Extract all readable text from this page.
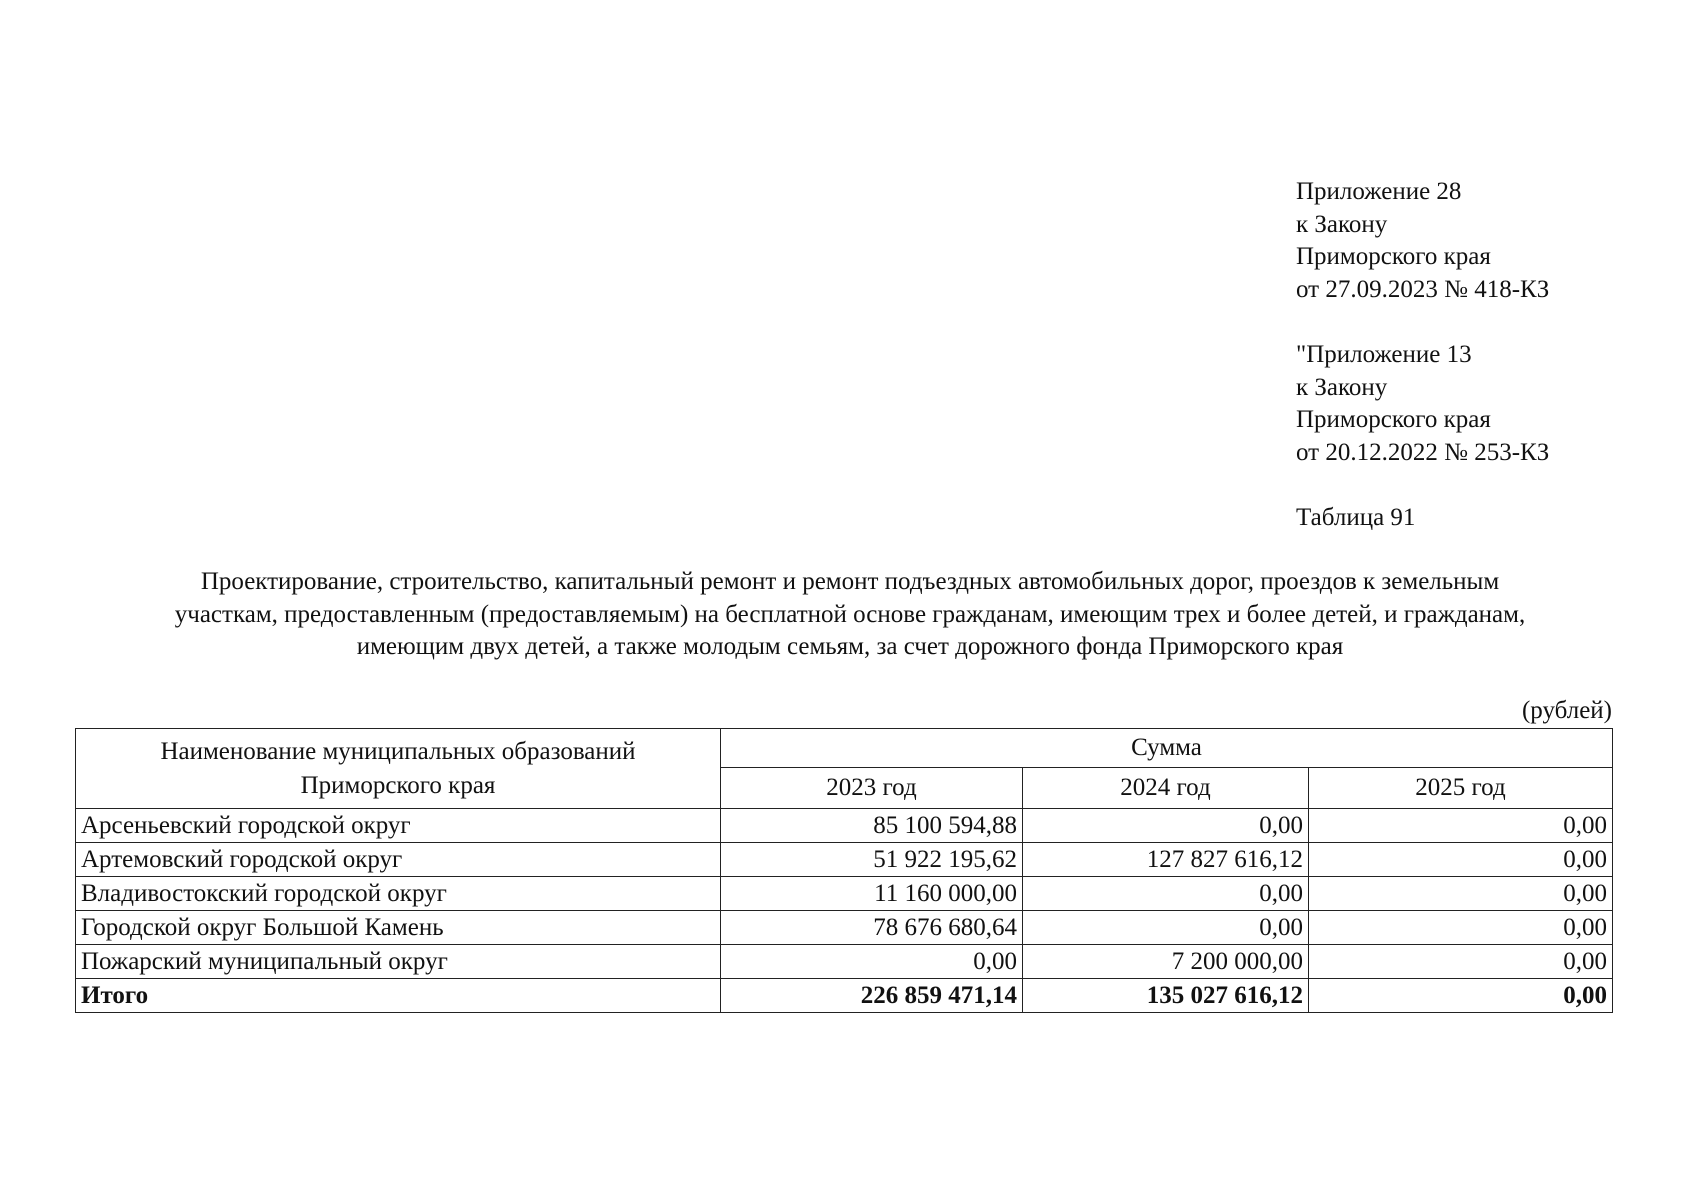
Приложение 28
к Закону
Приморского края
от 27.09.2023 № 418-КЗ
"Приложение 13
к Закону
Приморского края
от 20.12.2022 № 253-КЗ
Таблица 91
Проектирование, строительство, капитальный ремонт и ремонт подъездных автомобильных дорог, проездов к земельным
участкам, предоставленным (предоставляемым) на бесплатной основе гражданам, имеющим трех и более детей, и гражданам,
имеющим двух детей, а также молодым семьям, за счет дорожного фонда Приморского края
(рублей)
Наименование муниципальных образований
Приморского края	Сумма		
	2023 год	2024 год	2025 год
Арсеньевский городской округ	85 100 594,88	0,00	0,00
Артемовский городской округ	51 922 195,62	127 827 616,12	0,00
Владивостокский городской округ	11 160 000,00	0,00	0,00
Городской округ Большой Камень	78 676 680,64	0,00	0,00
Пожарский муниципальный округ	0,00	7 200 000,00	0,00
Итого	226 859 471,14	135 027 616,12	0,00
